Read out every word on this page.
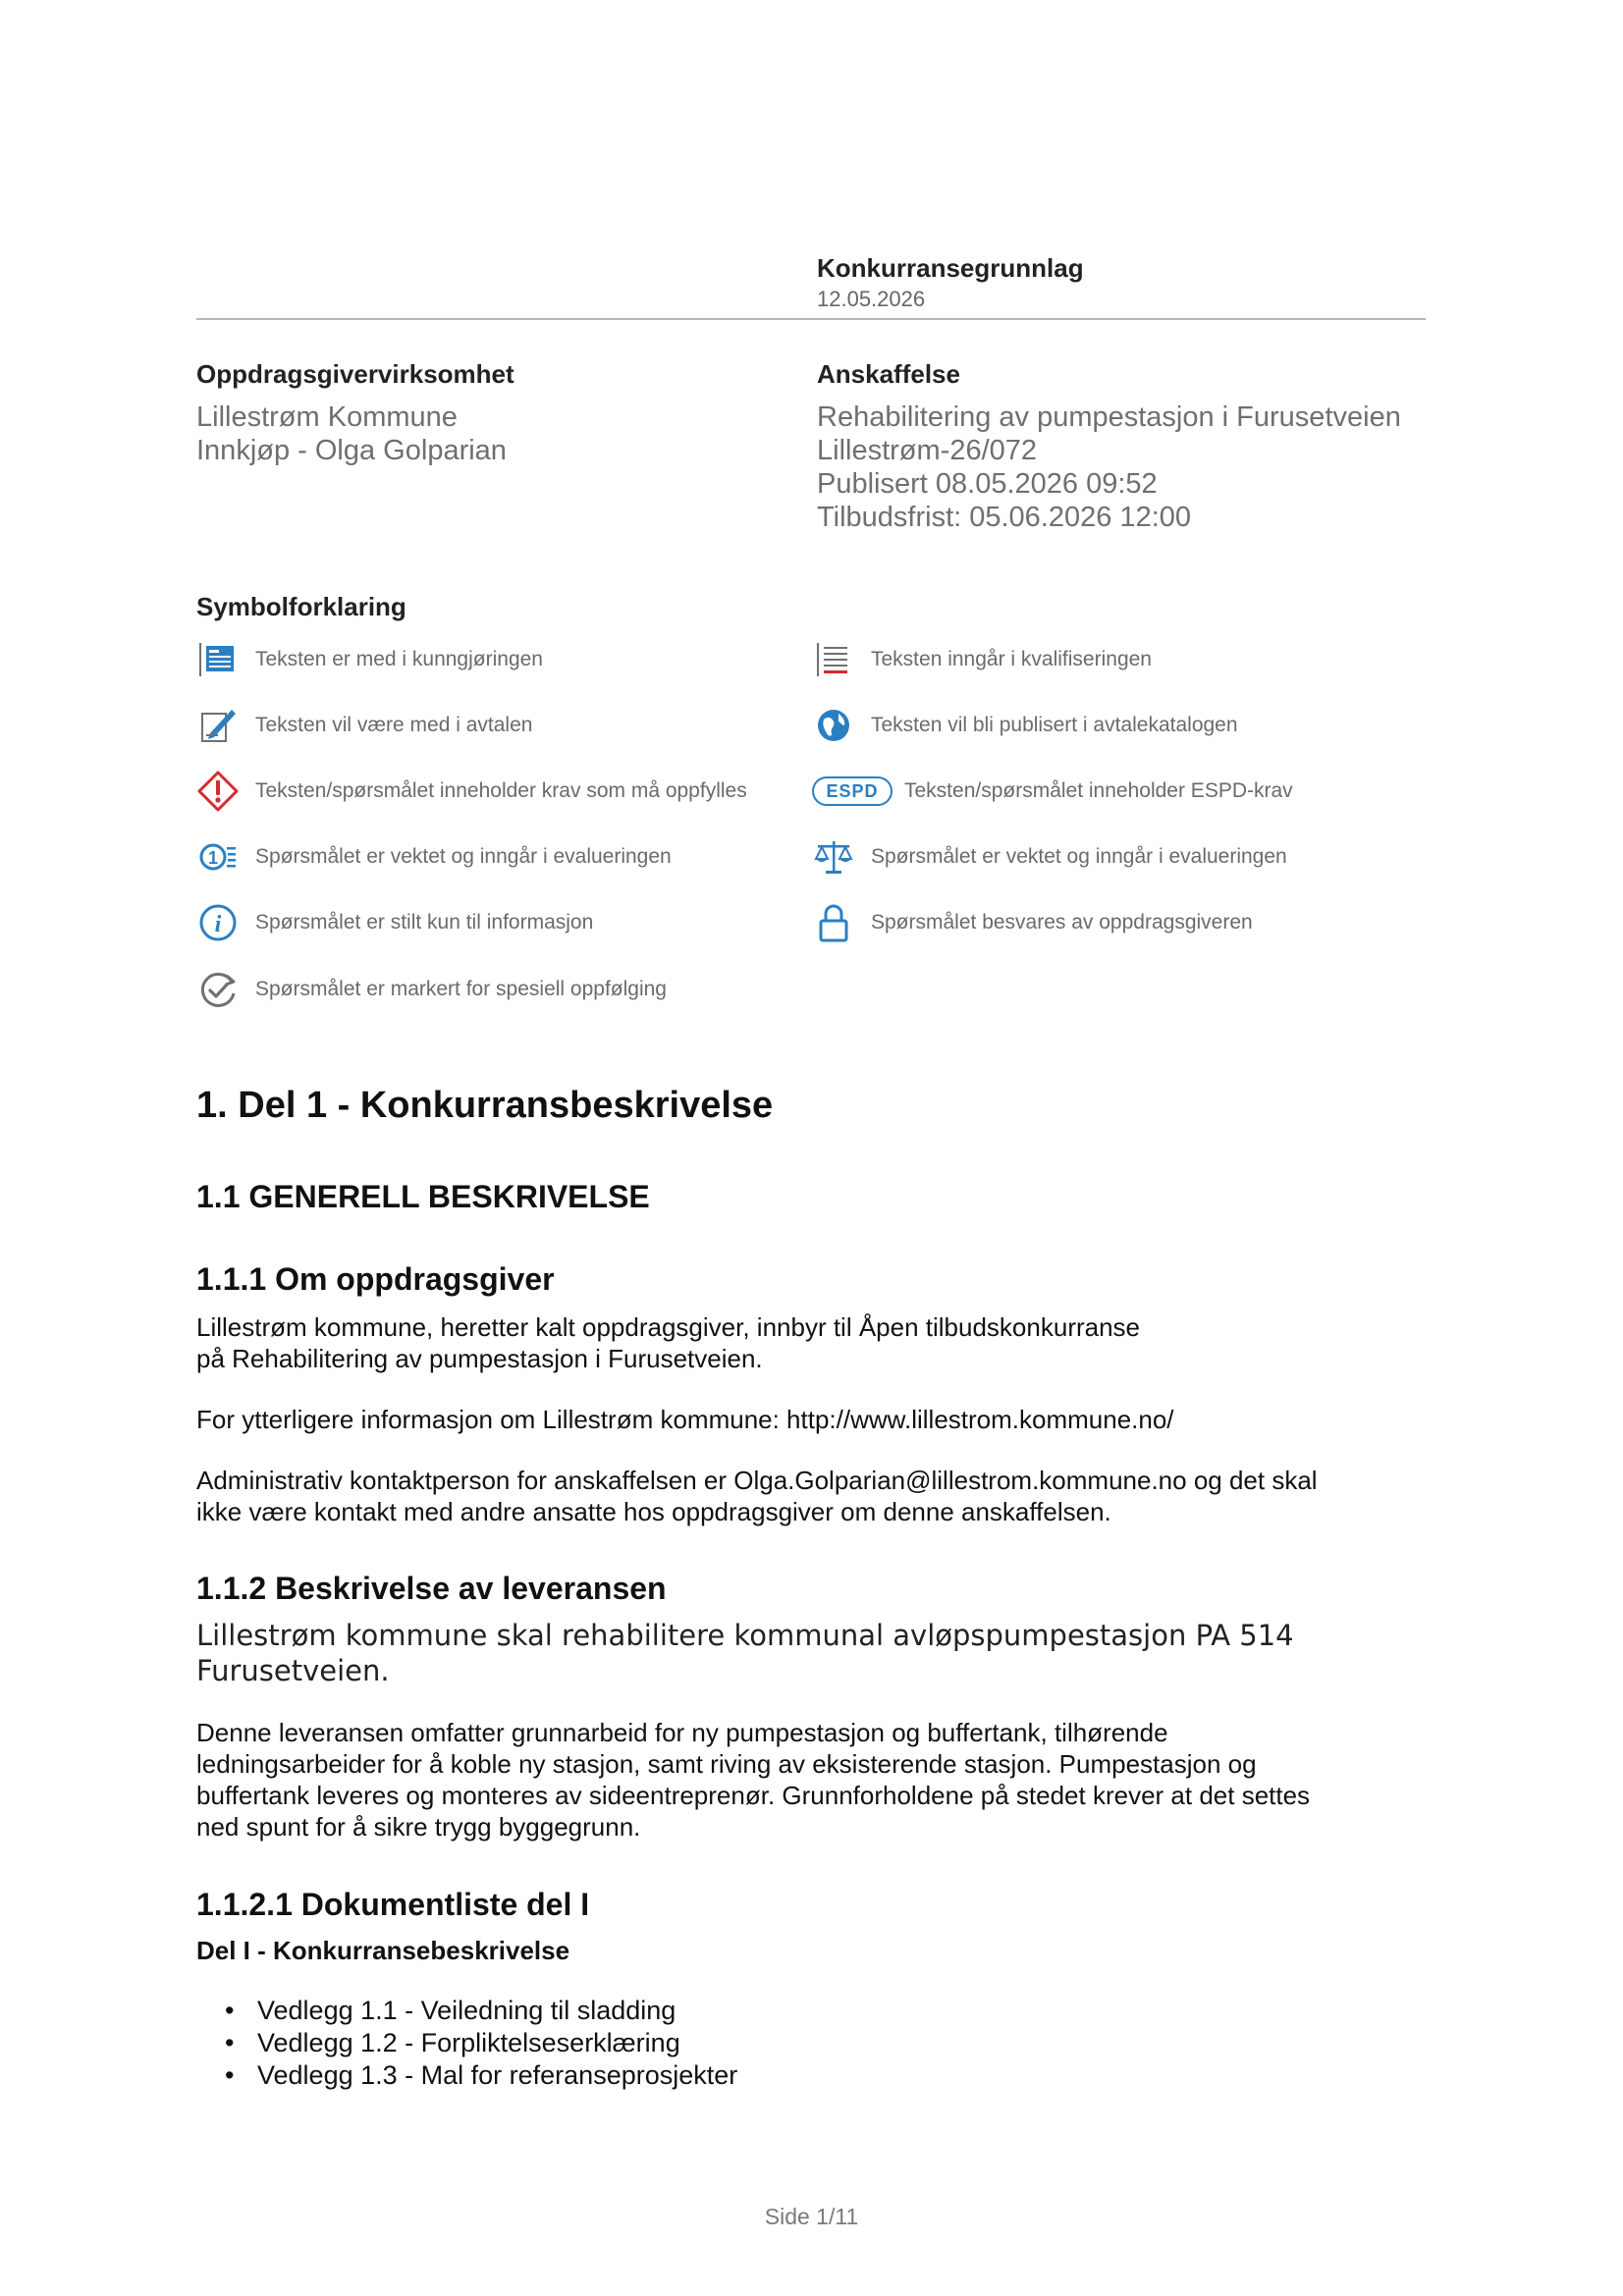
Konkurransegrunnlag
12.05.2026
Oppdragsgivervirksomhet
Lillestrøm Kommune
Innkjøp - Olga Golparian
Anskaffelse
Rehabilitering av pumpestasjon i Furusetveien
Lillestrøm-26/072
Publisert 08.05.2026 09:52
Tilbudsfrist: 05.06.2026 12:00
Symbolforklaring
Teksten er med i kunngjøringen	Teksten inngår i kvalifiseringen
Teksten vil være med i avtalen	Teksten vil bli publisert i avtalekatalogen
Teksten/spørsmålet inneholder krav som må oppfylles	ESPD	Teksten/spørsmålet inneholder ESPD-krav
1 Spørsmålet er vektet og inngår i evalueringen	Spørsmålet er vektet og inngår i evalueringen
i Spørsmålet er stilt kun til informasjon	Spørsmålet besvares av oppdragsgiveren
Spørsmålet er markert for spesiell oppfølging
1. Del 1 - Konkurransbeskrivelse
1.1 GENERELL BESKRIVELSE
1.1.1 Om oppdragsgiver
Lillestrøm kommune, heretter kalt oppdragsgiver, innbyr til Åpen tilbudskonkurranse
på Rehabilitering av pumpestasjon i Furusetveien.
For ytterligere informasjon om Lillestrøm kommune: http://www.lillestrom.kommune.no/
Administrativ kontaktperson for anskaffelsen er Olga.Golparian@lillestrom.kommune.no og det skal
ikke være kontakt med andre ansatte hos oppdragsgiver om denne anskaffelsen.
1.1.2 Beskrivelse av leveransen
Lillestrøm kommune skal rehabilitere kommunal avløpspumpestasjon PA 514
Furusetveien.
Denne leveransen omfatter grunnarbeid for ny pumpestasjon og buffertank, tilhørende
ledningsarbeider for å koble ny stasjon, samt riving av eksisterende stasjon. Pumpestasjon og
buffertank leveres og monteres av sideentreprenør. Grunnforholdene på stedet krever at det settes
ned spunt for å sikre trygg byggegrunn.
1.1.2.1 Dokumentliste del I
Del I - Konkurransebeskrivelse
• Vedlegg 1.1 - Veiledning til sladding
• Vedlegg 1.2 - Forpliktelseserklæring
• Vedlegg 1.3 - Mal for referanseprosjekter
Side 1/11
